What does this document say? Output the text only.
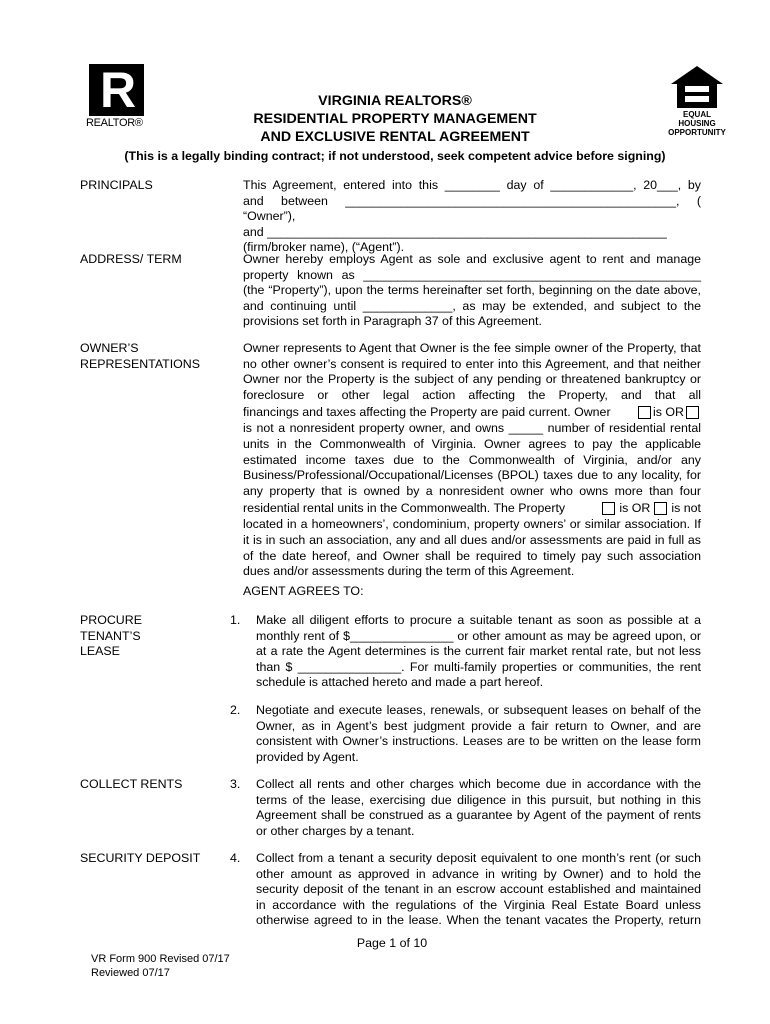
R
REALTOR®
EQUAL HOUSING OPPORTUNITY
VIRGINIA REALTORS®
RESIDENTIAL PROPERTY MANAGEMENT
AND EXCLUSIVE RENTAL AGREEMENT
(This is a legally binding contract; if not understood, seek competent advice before signing)
PRINCIPALS	This Agreement, entered into this ________ day of ____________, 20___, by
and between ________________________________________________, ( “Owner”),
and __________________________________________________________
(firm/broker name), (“Agent”).
ADDRESS/ TERM	Owner hereby employs Agent as sole and exclusive agent to rent and manage property known as _________________________________________________ (the “Property”), upon the terms hereinafter set forth, beginning on the date above, and continuing until _____________, as may be extended, and subject to the provisions set forth in Paragraph 37 of this Agreement.
OWNER’S
REPRESENTATIONS
Owner represents to Agent that Owner is the fee simple owner of the Property, that no other owner’s consent is required to enter into this Agreement, and that neither Owner nor the Property is the subject of any pending or threatened bankruptcy or foreclosure or other legal action affecting the Property, and that all
financings and taxes affecting the Property are paid current. Owner	is OR
is not a nonresident property owner, and owns _____ number of residential rental units in the Commonwealth of Virginia. Owner agrees to pay the applicable estimated income taxes due to the Commonwealth of Virginia, and/or any Business/Professional/Occupational/Licenses (BPOL) taxes due to any locality, for any property that is owned by a nonresident owner who owns more than four
residential rental units in the Commonwealth. The Property	is OR is not
located in a homeowners’, condominium, property owners’ or similar association. If it is in such an association, any and all dues and/or assessments are paid in full as of the date hereof, and Owner shall be required to timely pay such association dues and/or assessments during the term of this Agreement.
AGENT AGREES TO:
PROCURE
TENANT’S
LEASE
1. Make all diligent efforts to procure a suitable tenant as soon as possible at a monthly rent of $_______________ or other amount as may be agreed upon, or at a rate the Agent determines is the current fair market rental rate, but not less than $ _______________. For multi-family properties or communities, the rent schedule is attached hereto and made a part hereof.
2. Negotiate and execute leases, renewals, or subsequent leases on behalf of the Owner, as in Agent’s best judgment provide a fair return to Owner, and are consistent with Owner’s instructions. Leases are to be written on the lease form provided by Agent.
COLLECT RENTS	3. Collect all rents and other charges which become due in accordance with the terms of the lease, exercising due diligence in this pursuit, but nothing in this Agreement shall be construed as a guarantee by Agent of the payment of rents or other charges by a tenant.
SECURITY DEPOSIT 4. Collect from a tenant a security deposit equivalent to one month’s rent (or such other amount as approved in advance in writing by Owner) and to hold the security deposit of the tenant in an escrow account established and maintained in accordance with the regulations of the Virginia Real Estate Board unless otherwise agreed to in the lease. When the tenant vacates the Property, return
Page 1 of 10
VR Form 900 Revised 07/17
Reviewed 07/17
